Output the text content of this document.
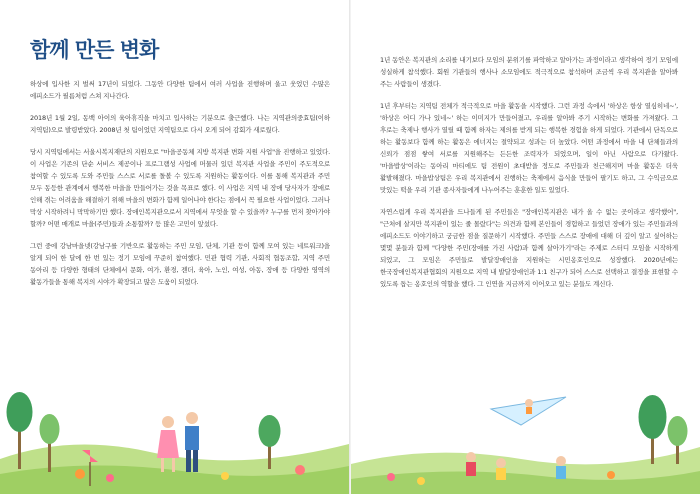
함께 만든 변화

하상에 입사한 지 벌써 17년이 되었다. 그동안 다양한 팀에서 여러 사업을 진행하며 울고 웃었던 수많은 에피소드가 필름처럼 스쳐 지나간다.

2018년 1월 2일, 동백 아이의 육아휴직을 마치고 입사하는 기분으로 출근했다. 나는 지역관의중효팀(이하 지역팀)으로 발령받았다. 2008년 첫 팀이었던 지역팀으로 다시 오게 되어 감회가 새로웠다.

당시 지역팀에서는 서울시복지재단의 지원으로 "마을공동체 지방 복지관 변화 지원 사업"을 진행하고 있었다. 이 사업은 기존의 단순 서비스 제공이나 프로그램성 사업에 머물러 있던 복지관 사업을 주민이 주도적으로 참여할 수 있도록 도와 주민들 스스로 서로를 돌볼 수 있도록 지원하는 활동이다. 이를 통해 복지관과 주민 모두 동등한 관계에서 행복한 마을을 만들어가는 것을 목표로 했다. 이 사업은 지역 내 장애 당사자가 장애로 인해 겪는 어려움을 해결하기 위해 마을의 변화가 함께 일어나야 한다는 점에서 꼭 필요한 사업이었다. 그러나 막상 시작하려니 막막하기만 했다. 장애인복지관으로서 지역에서 무엇을 할 수 있을까? 누구를 먼저 찾아가야 할까? 어떤 매개로 마을(주민)들과 소통할까? 등 많은 고민이 앞섰다.

그런 중에 강남마을넷(강남구를 기반으로 활동하는 주민 모임, 단체, 기관 등이 함께 모여 있는 네트워크)을 알게 되어 한 달에 한 번 있는 정기 모임에 꾸준히 참여했다. 민관 협력 기관, 사회적 협동조합, 지역 주민 동아리 등 다양한 형태의 단체에서 문화, 여가, 환경, 젠더, 육아, 노인, 여성, 아동, 장애 등 다양한 영역의 활동가들을 통해 복지의 시야가 확장되고 많은 도움이 되었다.

1년 동안은 복지관의 소리를 내기보다 모임의 분위기를 파악하고 알아가는 과정이라고 생각하여 정기 모임에 성실하게 참석했다. 회원 기관들의 행사나 소모임에도 적극적으로 참석하며 조금씩 우리 복지관을 알아봐 주는 사람들이 생겼다.

1년 후부터는 지역팀 전체가 적극적으로 마을 활동을 시작했다. 그런 과정 속에서 '하상은 항상 열심히네~', '하상은 어디 가나 있네~' 하는 이미지가 만들어졌고, 우리를 알아봐 주기 시작하는 변화를 가져왔다. 그 후로는 축제나 행사가 열릴 때 함께 하자는 제의를 받게 되는 행복한 경험을 하게 되었다. 기관에서 단독으로 하는 활동보다 함께 하는 활동은 에너지는 절약되고 성과는 더 높았다. 어떤 과정에서 마을 내 단체들과의 신뢰가 점점 쌓여 서로를 지원해주는 든든한 조력자가 되었으며, 일이 아닌 사람으로 다가왔다. '마을밥상'이라는 동아리 마티에도 팀 전원이 초대받을 정도로 주민들과 친근해지며 마을 활동은 더욱 활발해졌다. 마을밥상팀은 우리 복지관에서 진행하는 축제에서 음식을 만들어 팔기도 하고, 그 수익금으로 맛있는 떡을 우리 기관 종사자들에게 나누어주는 훈훈한 일도 있었다.

자연스럽게 우리 복지관을 드나들게 된 주민들은 "장애인복지관은 내가 올 수 없는 곳이라고 생각했어", "근처에 살지만 복지관이 있는 줄 몰랐다"는 의견과 함께 본인들이 경험하고 들었던 장애가 있는 주민들과의 에피소드도 이야기하고 궁금한 점을 질문하기 시작했다. 주민들 스스로 장애에 대해 더 깊이 알고 싶어하는 몇몇 분들과 함께 "다양한 주민(장애를 가진 사람)과 함께 살아가기"라는 주제로 스터디 모임을 시작하게 되었고, 그 모임은 주민들로 발달장애인을 지원하는 시민옹호인으로 성장했다. 2020년에는 한국장애인복지관협회의 지원으로 지역 내 발달장애인과 1:1 친구가 되어 스스로 선택하고 결정을 표현할 수 있도록 돕는 옹호인의 역할을 했다. 그 인연을 지금까지 이어오고 있는 분들도 계신다.
